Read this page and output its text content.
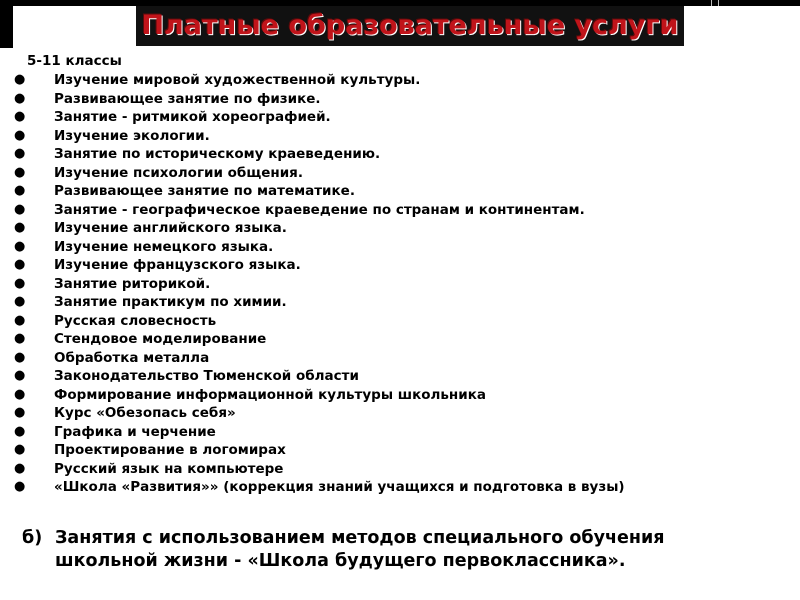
Платные образовательные услуги
5-11 классы
● Изучение мировой художественной культуры.
● Развивающее занятие по физике.
● Занятие - ритмикой хореографией.
● Изучение экологии.
● Занятие по историческому краеведению.
● Изучение психологии общения.
● Развивающее занятие по математике.
● Занятие - географическое краеведение по странам и континентам.
● Изучение английского языка.
● Изучение немецкого языка.
● Изучение французского языка.
● Занятие риторикой.
● Занятие практикум по химии.
● Русская словесность
● Стендовое моделирование
● Обработка металла
● Законодательство Тюменской области
● Формирование информационной культуры школьника
● Курс «Обезопась себя»
● Графика и черчение
● Проектирование в логомирах
● Русский язык на компьютере
● «Школа «Развития»» (коррекция знаний учащихся и подготовка в вузы)
б) Занятия с использованием методов специального обучения
школьной жизни - «Школа будущего первоклассника».
